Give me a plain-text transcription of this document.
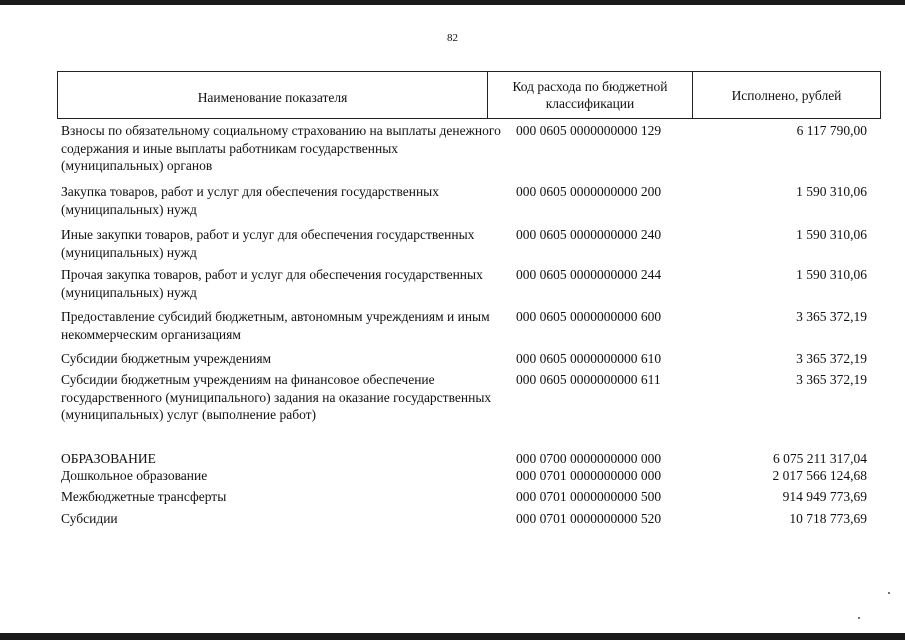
82
Наименование показателя
Код расхода по бюджетной классификации
Исполнено, рублей
Взносы по обязательному социальному страхованию на выплаты денежного содержания и иные выплаты работникам государственных (муниципальных) органов
000 0605 0000000000 129	6 117 790,00
Закупка товаров, работ и услуг для обеспечения государственных (муниципальных) нужд
000 0605 0000000000 200	1 590 310,06
Иные закупки товаров, работ и услуг для обеспечения государственных (муниципальных) нужд
000 0605 0000000000 240	1 590 310,06
Прочая закупка товаров, работ и услуг для обеспечения государственных (муниципальных) нужд
000 0605 0000000000 244	1 590 310,06
Предоставление субсидий бюджетным, автономным учреждениям и иным некоммерческим организациям
000 0605 0000000000 600	3 365 372,19
Субсидии бюджетным учреждениям	000 0605 0000000000 610	3 365 372,19
Субсидии бюджетным учреждениям на финансовое обеспечение государственного (муниципального) задания на оказание государственных (муниципальных) услуг (выполнение работ)
000 0605 0000000000 611	3 365 372,19
ОБРАЗОВАНИЕ	000 0700 0000000000 000	6 075 211 317,04
Дошкольное образование	000 0701 0000000000 000	2 017 566 124,68
Межбюджетные трансферты	000 0701 0000000000 500	914 949 773,69
Субсидии	000 0701 0000000000 520	10 718 773,69
